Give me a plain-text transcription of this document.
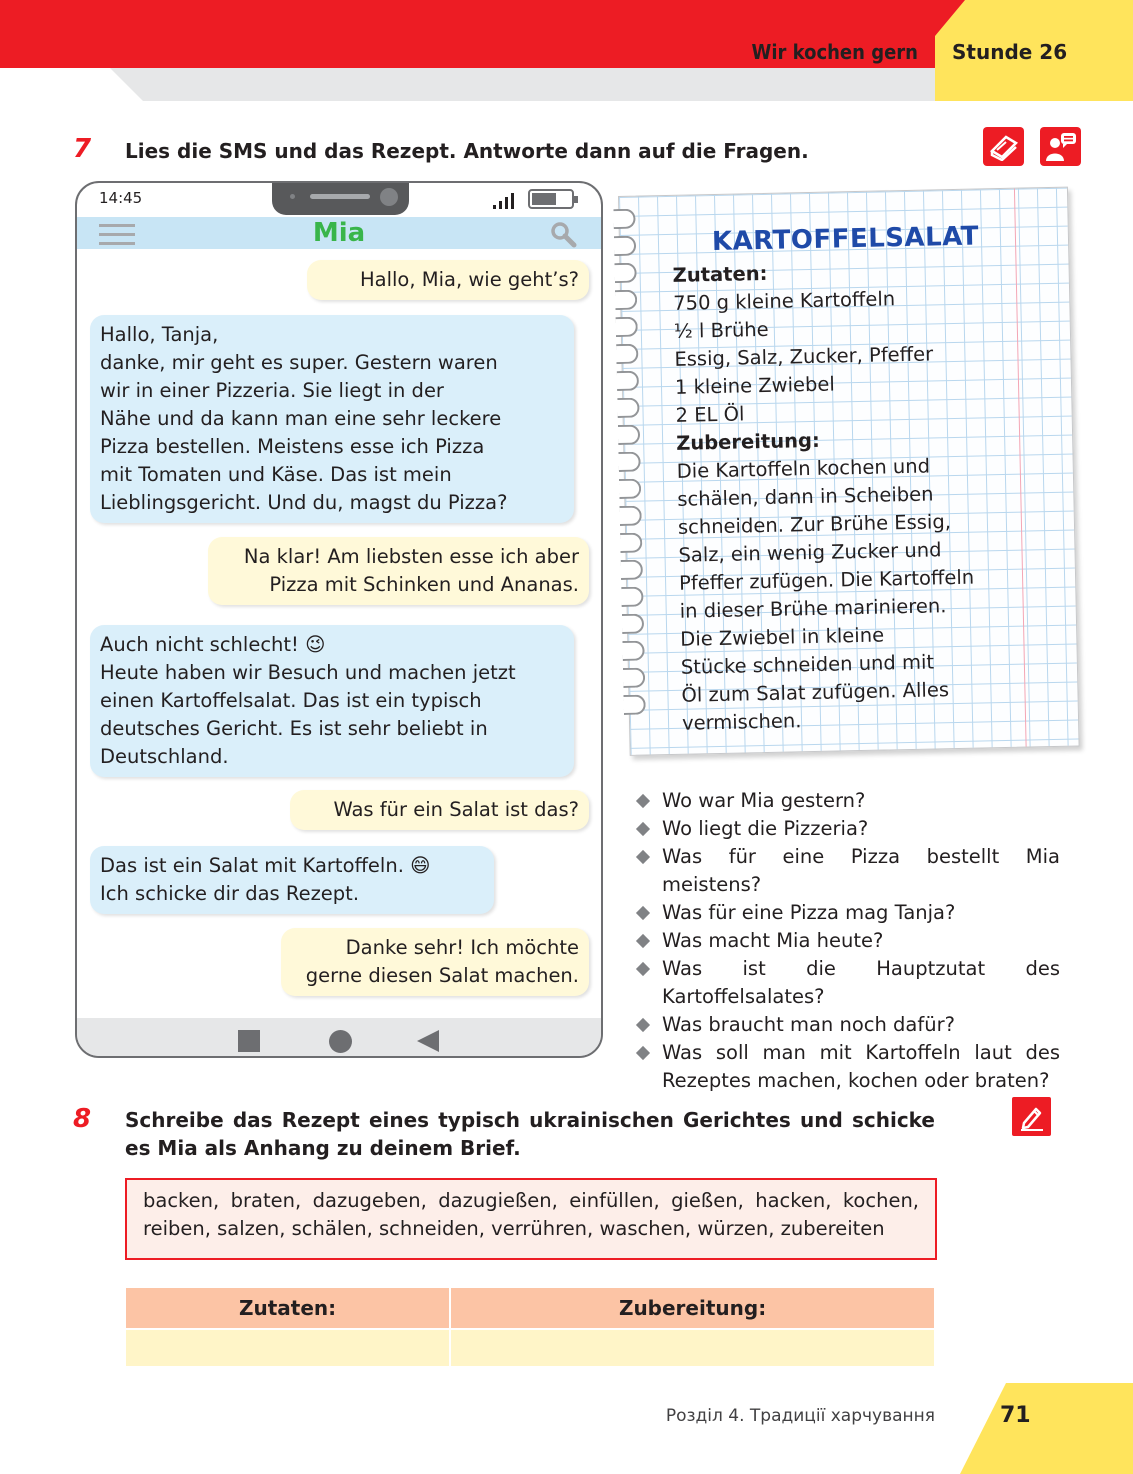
Wir kochen gern Stunde 26
7 Lies die SMS und das Rezept. Antworte dann auf die Fragen.
14:45
Mia
Hallo, Mia, wie geht’s?
Hallo, Tanja,
danke, mir geht es super. Gestern waren
wir in einer Pizzeria. Sie liegt in der
Nähe und da kann man eine sehr leckere
Pizza bestellen. Meistens esse ich Pizza
mit Tomaten und Käse. Das ist mein
Lieblingsgericht. Und du, magst du Pizza?
Na klar! Am liebsten esse ich aber
Pizza mit Schinken und Ananas.
Auch nicht schlecht! 😉
Heute haben wir Besuch und machen jetzt
einen Kartoffelsalat. Das ist ein typisch
deutsches Gericht. Es ist sehr beliebt in
Deutschland.
Was für ein Salat ist das?
Das ist ein Salat mit Kartoffeln. 😄
Ich schicke dir das Rezept.
Danke sehr! Ich möchte
gerne diesen Salat machen.
KARTOFFELSALAT
Zutaten:
750 g kleine Kartoffeln
½ l Brühe
Essig, Salz, Zucker, Pfeffer
1 kleine Zwiebel
2 EL Öl
Zubereitung:
Die Kartoffeln kochen und
schälen, dann in Scheiben
schneiden. Zur Brühe Essig,
Salz, ein wenig Zucker und
Pfeffer zufügen. Die Kartoffeln
in dieser Brühe marinieren.
Die Zwiebel in kleine
Stücke schneiden und mit
Öl zum Salat zufügen. Alles
vermischen.
Wo war Mia gestern?
Wo liegt die Pizzeria?
Was für eine Pizza bestellt Mia meistens?
Was für eine Pizza mag Tanja?
Was macht Mia heute?
Was ist die Hauptzutat des Kartoffelsalates?
Was braucht man noch dafür?
Was soll man mit Kartoffeln laut des Rezeptes machen, kochen oder braten?
8 Schreibe das Rezept eines typisch ukrainischen Gerichtes und schicke es Mia als Anhang zu deinem Brief.
backen, braten, dazugeben, dazugießen, einfüllen, gießen, hacken, kochen, reiben, salzen, schälen, schneiden, verrühren, waschen, würzen, zubereiten
Zutaten:	Zubereitung:

Розділ 4. Традиції харчування	71
